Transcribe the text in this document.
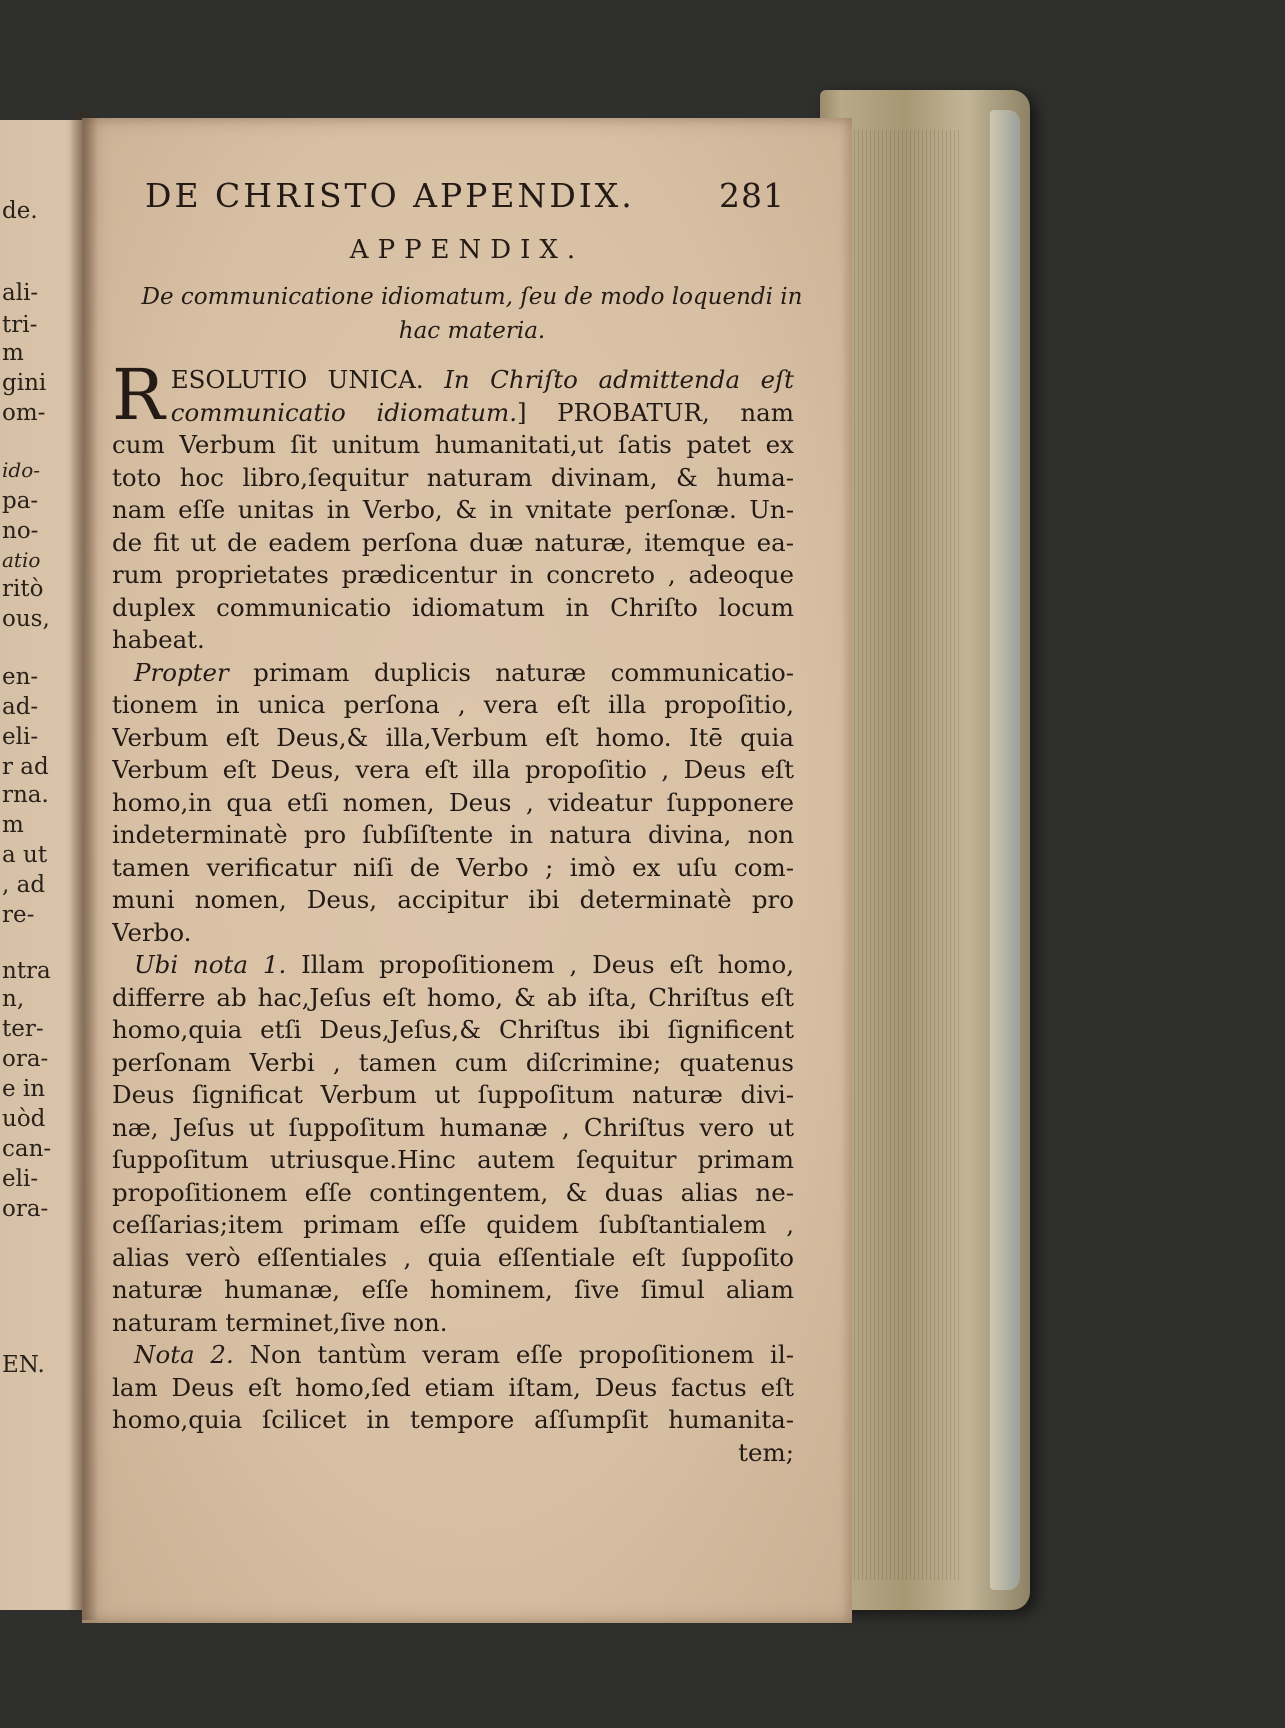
de.
ali-
tri-
m
gini
om-
ido-
pa-
no-
atio
ritò
ous,
en-
ad-
eli-
r ad
rna.
m
a ut
, ad
re-
ntra
n,
ter-
ora-
e in
uòd
can-
eli-
ora-
EN.
DE CHRISTO APPENDIX.	281
APPENDIX.
De communicatione idiomatum, ſeu de modo loquendi in
hac materia.
R ESOLUTIO UNICA. In Chriſto admittenda eſt
communicatio idiomatum.] PROBATUR, nam
cum Verbum ſit unitum humanitati,ut ſatis patet ex
toto hoc libro,ſequitur naturam divinam, & huma-
nam eſſe unitas in Verbo, & in vnitate perſonæ. Un-
de fit ut de eadem perſona duæ naturæ, itemque ea-
rum proprietates prædicentur in concreto , adeoque
duplex communicatio idiomatum in Chriſto locum
habeat.
Propter primam duplicis naturæ communicatio-
tionem in unica perſona , vera eſt illa propoſitio,
Verbum eſt Deus,& illa,Verbum eſt homo. Itē quia
Verbum eſt Deus, vera eſt illa propoſitio , Deus eſt
homo,in qua etſi nomen, Deus , videatur ſupponere
indeterminatè pro ſubſiſtente in natura divina, non
tamen verificatur niſi de Verbo ; imò ex uſu com-
muni nomen, Deus, accipitur ibi determinatè pro
Verbo.
Ubi nota 1. Illam propoſitionem , Deus eſt homo,
differre ab hac,Jeſus eſt homo, & ab iſta, Chriſtus eſt
homo,quia etſi Deus,Jeſus,& Chriſtus ibi ſignificent
perſonam Verbi , tamen cum diſcrimine; quatenus
Deus ſignificat Verbum ut ſuppoſitum naturæ divi-
næ, Jeſus ut ſuppoſitum humanæ , Chriſtus vero ut
ſuppoſitum utriusque.Hinc autem ſequitur primam
propoſitionem eſſe contingentem, & duas alias ne-
ceſſarias;item primam eſſe quidem ſubſtantialem ,
alias verò eſſentiales , quia eſſentiale eſt ſuppoſito
naturæ humanæ, eſſe hominem, ſive ſimul aliam
naturam terminet,ſive non.
Nota 2. Non tantùm veram eſſe propoſitionem il-
lam Deus eſt homo,ſed etiam iſtam, Deus factus eſt
homo,quia ſcilicet in tempore aſſumpſit humanita-
tem;
